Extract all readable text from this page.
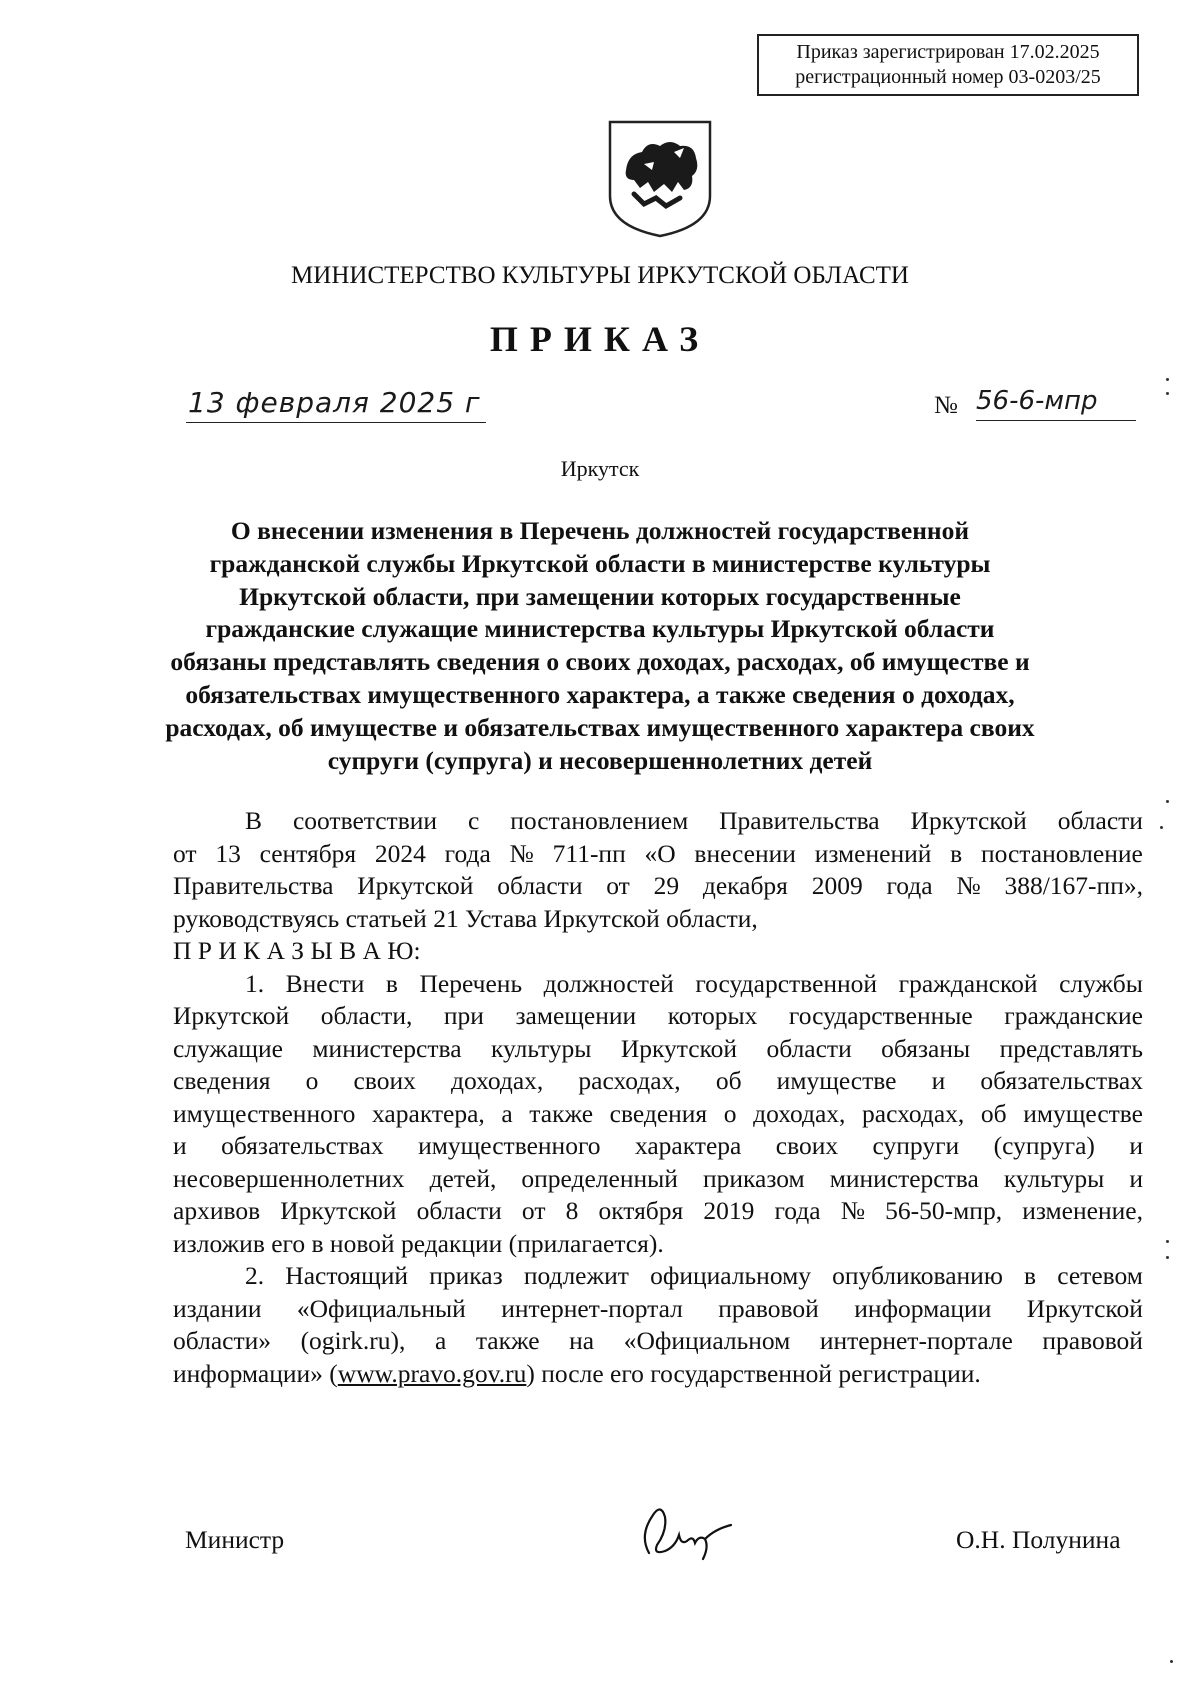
Приказ зарегистрирован 17.02.2025
регистрационный номер 03-0203/25
МИНИСТЕРСТВО КУЛЬТУРЫ ИРКУТСКОЙ ОБЛАСТИ
ПРИКАЗ
13 февраля 2025 г	№ 56-6-мпр
Иркутск
О внесении изменения в Перечень должностей государственной
гражданской службы Иркутской области в министерстве культуры
Иркутской области, при замещении которых государственные
гражданские служащие министерства культуры Иркутской области
обязаны представлять сведения о своих доходах, расходах, об имуществе и
обязательствах имущественного характера, а также сведения о доходах,
расходах, об имуществе и обязательствах имущественного характера своих
супруги (супруга) и несовершеннолетних детей
В соответствии с постановлением Правительства Иркутской области
от 13 сентября 2024 года № 711-пп «О внесении изменений в постановление
Правительства Иркутской области от 29 декабря 2009 года № 388/167-пп»,
руководствуясь статьей 21 Устава Иркутской области,
П Р И К А З Ы В А Ю:
1. Внести в Перечень должностей государственной гражданской службы
Иркутской области, при замещении которых государственные гражданские
служащие министерства культуры Иркутской области обязаны представлять
сведения о своих доходах, расходах, об имуществе и обязательствах
имущественного характера, а также сведения о доходах, расходах, об имуществе
и обязательствах имущественного характера своих супруги (супруга) и
несовершеннолетних детей, определенный приказом министерства культуры и
архивов Иркутской области от 8 октября 2019 года № 56-50-мпр, изменение,
изложив его в новой редакции (прилагается).
2. Настоящий приказ подлежит официальному опубликованию в сетевом
издании «Официальный интернет-портал правовой информации Иркутской
области» (ogirk.ru), а также на «Официальном интернет-портале правовой
информации» ( www.pravo.gov.ru ) после его государственной регистрации.
Министр	О.Н. Полунина
